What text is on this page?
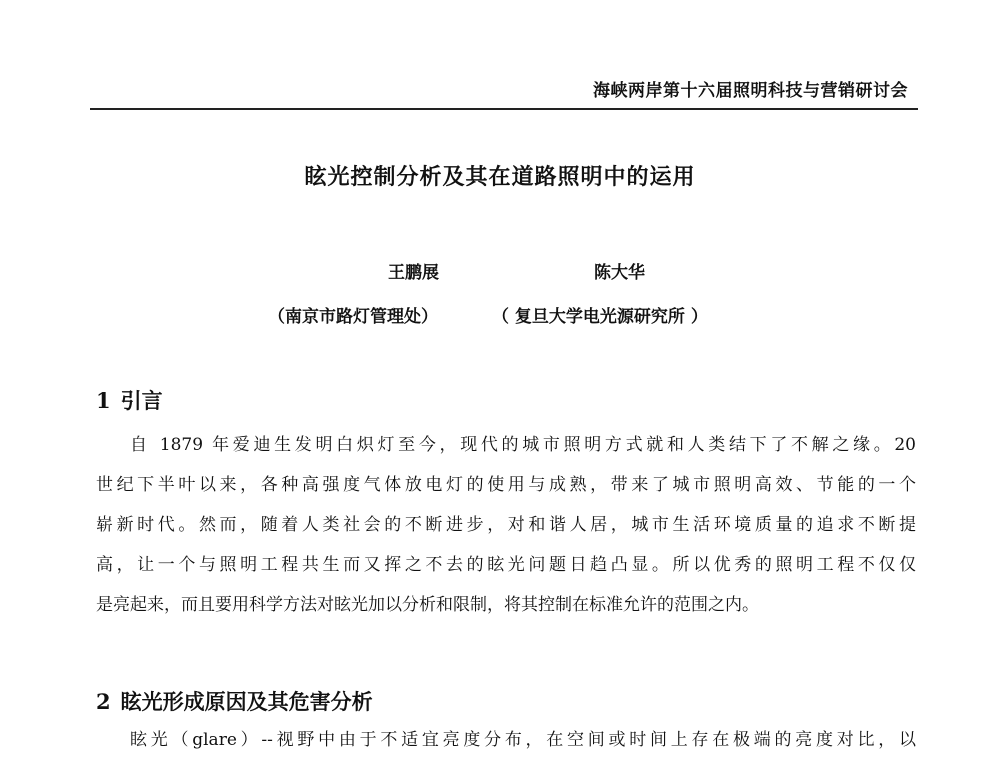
海峡两岸第十六届照明科技与营销研讨会
眩光控制分析及其在道路照明中的运用
王鹏展	陈大华
（南京市路灯管理处）	（ 复旦大学电光源研究所 ）
1 引言
自 1879 年爱迪生发明白炽灯至今，现代的城市照明方式就和人类结下了不解之缘。20
世纪下半叶以来，各种高强度气体放电灯的使用与成熟，带来了城市照明高效、节能的一个
崭新时代。然而，随着人类社会的不断进步，对和谐人居，城市生活环境质量的追求不断提
高，让一个与照明工程共生而又挥之不去的眩光问题日趋凸显。所以优秀的照明工程不仅仅
是亮起来，而且要用科学方法对眩光加以分析和限制，将其控制在标准允许的范围之内。
2 眩光形成原因及其危害分析
眩光（glare）--视野中由于不适宜亮度分布，在空间或时间上存在极端的亮度对比，以
